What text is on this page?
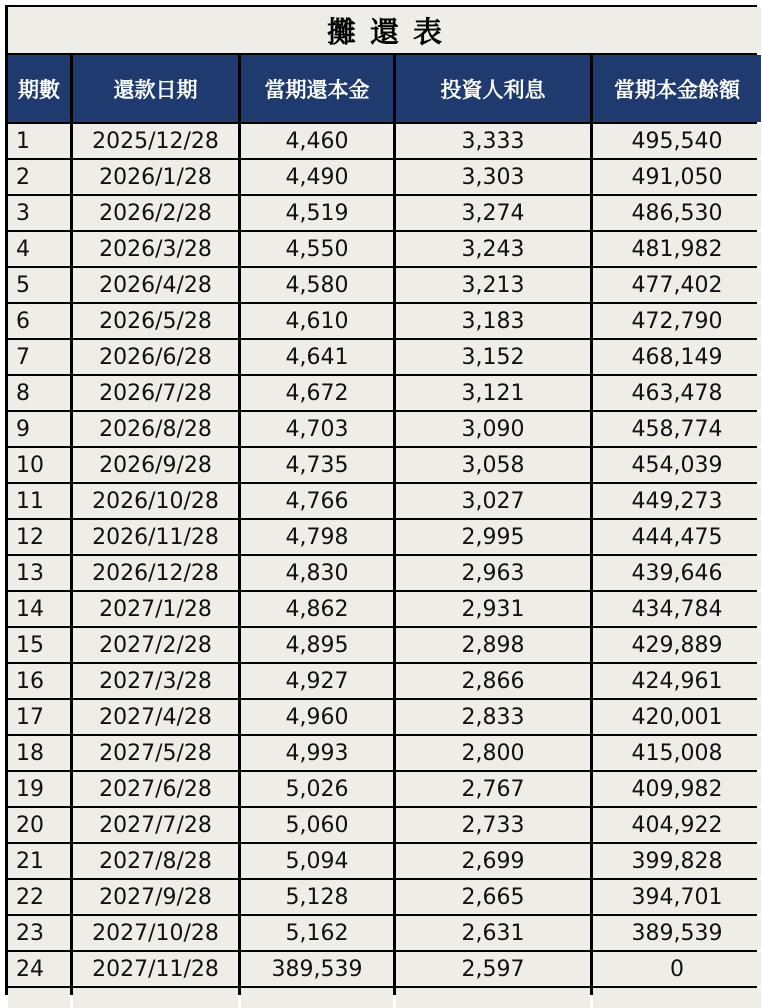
攤還表
期數	還款日期	當期還本金	投資人利息	當期本金餘額
1	2025/12/28	4,460	3,333	495,540
2	2026/1/28	4,490	3,303	491,050
3	2026/2/28	4,519	3,274	486,530
4	2026/3/28	4,550	3,243	481,982
5	2026/4/28	4,580	3,213	477,402
6	2026/5/28	4,610	3,183	472,790
7	2026/6/28	4,641	3,152	468,149
8	2026/7/28	4,672	3,121	463,478
9	2026/8/28	4,703	3,090	458,774
10	2026/9/28	4,735	3,058	454,039
11	2026/10/28	4,766	3,027	449,273
12	2026/11/28	4,798	2,995	444,475
13	2026/12/28	4,830	2,963	439,646
14	2027/1/28	4,862	2,931	434,784
15	2027/2/28	4,895	2,898	429,889
16	2027/3/28	4,927	2,866	424,961
17	2027/4/28	4,960	2,833	420,001
18	2027/5/28	4,993	2,800	415,008
19	2027/6/28	5,026	2,767	409,982
20	2027/7/28	5,060	2,733	404,922
21	2027/8/28	5,094	2,699	399,828
22	2027/9/28	5,128	2,665	394,701
23	2027/10/28	5,162	2,631	389,539
24	2027/11/28	389,539	2,597	0
